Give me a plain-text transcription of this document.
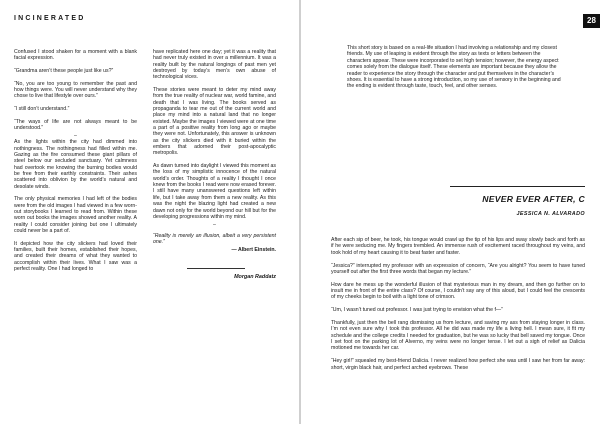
INCINERATED

Confused I stood shaken for a moment with a blank facial expression.

“Grandma aren’t these people just like us?”

“No, you are too young to remember the past and how things were. You will never understand why they chose to live that lifestyle over ours.”

“I still don’t understand.”

“The ways of life are not always meant to be understood.”

–

As the lights within the city had dimmed into nothingness. The nothingness had filled within me. Gazing as the fire consumed these giant pillars of steel below our secluded sanctuary. Yet calmness had overtook me knowing the burning bodies would be free from their earthly constraints. Their ashes scattered into oblivion by the world’s natural and desolate winds.

The only physical memories I had left of the bodies were from the old images I had viewed in a few worn-out storybooks I learned to read from. Within these worn out books the images showed another reality. A reality I could consider joining but one I ultimately could never be a part of.

It depicted how the city slickers had loved their families, built their homes, established their hopes, and created their dreams of what they wanted to accomplish within their lives. What I saw was a perfect reality. One I had longed to

have replicated here one day; yet it was a reality that had never truly existed in over a millennium. It was a reality built by the natural longings of past men yet destroyed by today’s men’s own abuse of technological vices.

These stories were meant to deter my mind away from the true reality of nuclear war, world famine, and death that I was living. The books served as propaganda to tear me out of the current world and place my mind into a natural land that no longer existed. Maybe the images I viewed were at one time a part of a positive reality from long ago or maybe they were not. Unfortunately, this answer is unknown as the city slickers died with it buried within the embers that adorned their post-apocalyptic metropolis.

As dawn turned into daylight I viewed this moment as the loss of my simplistic innocence of the natural world’s order. Thoughts of a reality I thought I once knew from the books I read were now erased forever. I still have many unanswered questions left within life, but I take away from them a new reality. As this was the night the blazing light had created a new dawn not only for the world beyond our hill but for the developing progressions within my mind.

–

“Reality is merely an illusion, albeit a very persistent one.”

— Albert Einstein.

Morgan Raddatz

28
This short story is based on a real-life situation I had involving a relationship and my closest friends. My use of leaping is evident through the story as texts or letters between the characters appear. These were incorporated to set high tension; however, the energy aspect comes solely from the dialogue itself. These elements are important because they allow the reader to experience the story through the character and put themselves in the character’s shoes. It is essential to have a strong introduction, so my use of sensory in the beginning and the ending is evident through taste, touch, feel, and other senses.
NEVER EVER AFTER, C
JESSICA N. ALVARADO

After each sip of beer, he took, his tongue would crawl up the tip of his lips and sway slowly back and forth as if he were seducing me. My fingers trembled. An immense rush of excitement raced throughout my veins, and took hold of my heart causing it to beat faster and faster.

“Jessica?” interrupted my professor with an expression of concern, “Are you alright? You seem to have tuned yourself out after the first three words that began my lecture.”

How dare he mess up the wonderful illusion of that mysterious man in my dream, and then go further on to insult me in front of the entire class? Of course, I couldn’t say any of this aloud, but I could feel the crescents of my cheeks begin to boil with a light tone of crimson.

“Um, I wasn’t tuned out professor. I was just trying to envision what the f—”

Thankfully, just then the bell rang dismissing us from lecture, and saving my ass from staying longer in class. I’m not even sure why I took this professor. All he did was made my life a living hell. I mean sure, it fit my schedule and the college credits I needed for graduation, but he was so lucky that bell saved my tongue. Once I set foot on the parking lot of Alverno, my veins were no longer tense. I let out a sigh of relief as Dalicia motioned me towards her car.

“Hey girl!” squealed my best-friend Dalicia. I never realized how perfect she was until I saw her from far away: short, virgin black hair, and perfect arched eyebrows. These
